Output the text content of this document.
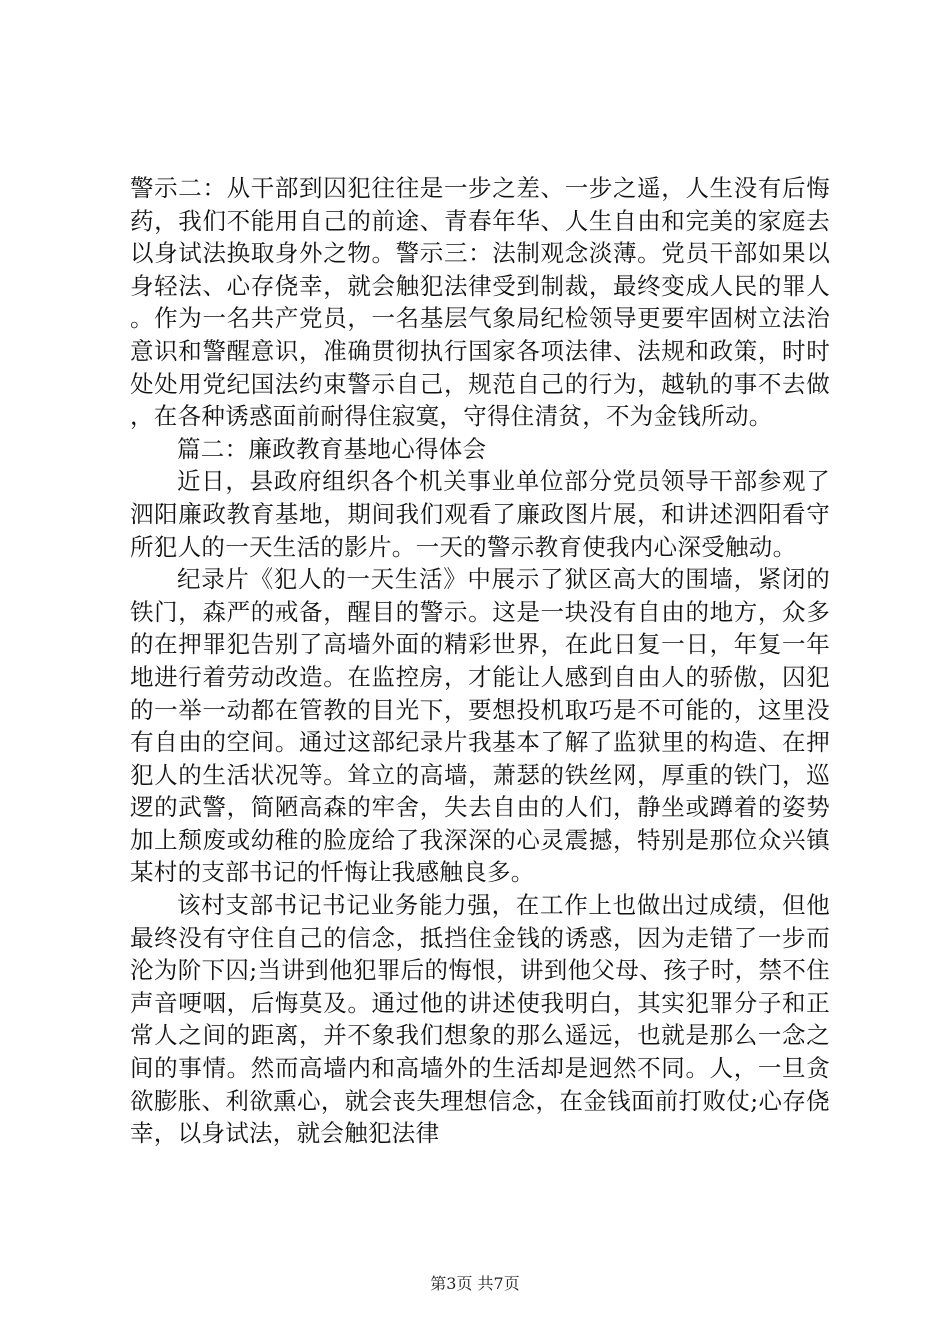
警示二：从干部到囚犯往往是一步之差、一步之遥，人生没有后悔药，我们不能用自己的前途、青春年华、人生自由和完美的家庭去以身试法换取身外之物。警示三：法制观念淡薄。党员干部如果以身轻法、心存侥幸，就会触犯法律受到制裁，最终变成人民的罪人。作为一名共产党员，一名基层气象局纪检领导更要牢固树立法治意识和警醒意识，准确贯彻执行国家各项法律、法规和政策，时时处处用党纪国法约束警示自己，规范自己的行为，越轨的事不去做，在各种诱惑面前耐得住寂寞，守得住清贫，不为金钱所动。

篇二：廉政教育基地心得体会

近日，县政府组织各个机关事业单位部分党员领导干部参观了泗阳廉政教育基地，期间我们观看了廉政图片展，和讲述泗阳看守所犯人的一天生活的影片。一天的警示教育使我内心深受触动。

纪录片《犯人的一天生活》中展示了狱区高大的围墙，紧闭的铁门，森严的戒备，醒目的警示。这是一块没有自由的地方，众多的在押罪犯告别了高墙外面的精彩世界，在此日复一日，年复一年地进行着劳动改造。在监控房，才能让人感到自由人的骄傲，囚犯的一举一动都在管教的目光下，要想投机取巧是不可能的，这里没有自由的空间。通过这部纪录片我基本了解了监狱里的构造、在押犯人的生活状况等。耸立的高墙，萧瑟的铁丝网，厚重的铁门，巡逻的武警，简陋高森的牢舍，失去自由的人们，静坐或蹲着的姿势加上颓废或幼稚的脸庞给了我深深的心灵震撼，特别是那位众兴镇某村的支部书记的忏悔让我感触良多。

该村支部书记书记业务能力强，在工作上也做出过成绩，但他最终没有守住自己的信念，抵挡住金钱的诱惑，因为走错了一步而沦为阶下囚;当讲到他犯罪后的悔恨，讲到他父母、孩子时，禁不住声音哽咽，后悔莫及。通过他的讲述使我明白，其实犯罪分子和正常人之间的距离，并不象我们想象的那么遥远，也就是那么一念之间的事情。然而高墙内和高墙外的生活却是迥然不同。人，一旦贪欲膨胀、利欲熏心，就会丧失理想信念，在金钱面前打败仗;心存侥幸，以身试法，就会触犯法律

第3页 共7页
